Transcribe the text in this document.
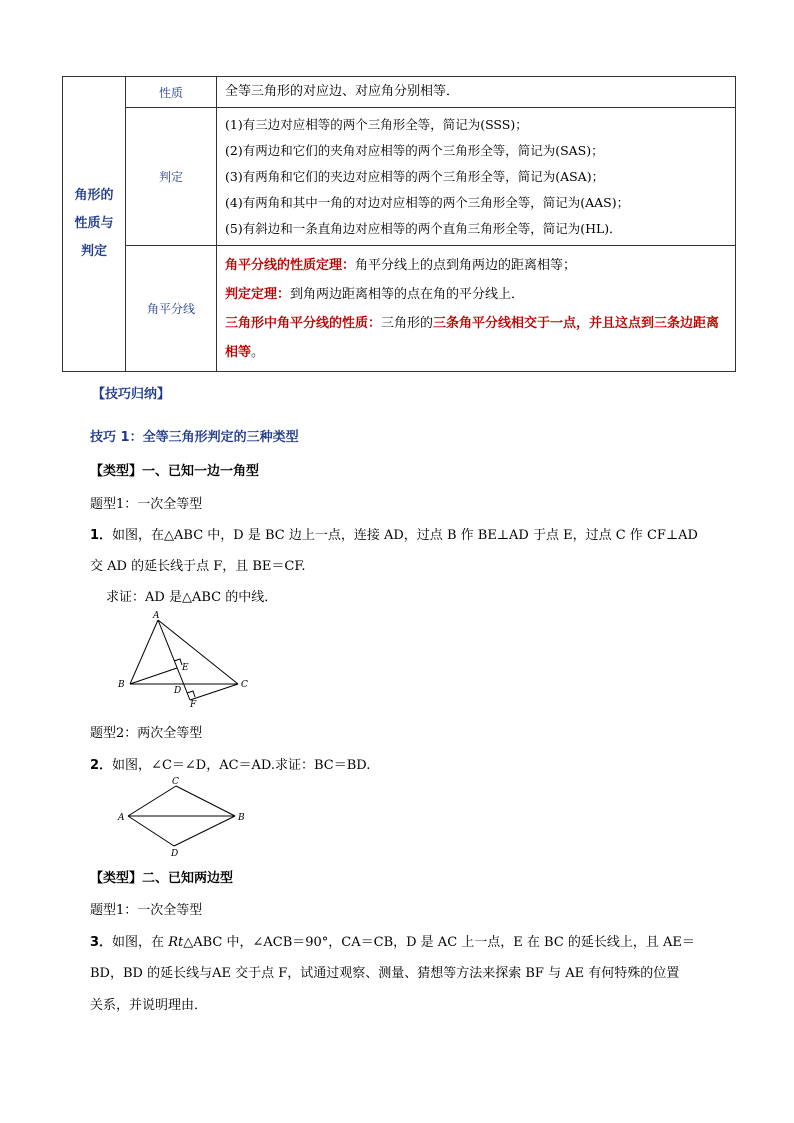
角形的性质与判定	性质	全等三角形的对应边、对应角分别相等．

	判定	(1)有三边对应相等的两个三角形全等，简记为(SSS)；
(2)有两边和它们的夹角对应相等的两个三角形全等，简记为(SAS)；
(3)有两角和它们的夹边对应相等的两个三角形全等，简记为(ASA)；
(4)有两角和其中一角的对边对应相等的两个三角形全等，简记为(AAS)；
(5)有斜边和一条直角边对应相等的两个直角三角形全等，简记为(HL)．

	角平分线	角平分线的性质定理：角平分线上的点到角两边的距离相等；
判定定理：到角两边距离相等的点在角的平分线上．
三角形中角平分线的性质：三角形的三条角平分线相交于一点，并且这点到三条边距离相等。
【技巧归纳】
技巧 1：全等三角形判定的三种类型
【类型】一、已知一边一角型
题型1：一次全等型
1．如图，在△ABC 中，D 是 BC 边上一点，连接 AD，过点 B 作 BE⊥AD 于点 E，过点 C 作 CF⊥AD
交 AD 的延长线于点 F，且 BE＝CF.
求证：AD 是△ABC 的中线．
A
B	C
D
E
F
题型2：两次全等型
2．如图，∠C＝∠D，AC＝AD.求证：BC＝BD.
A	B
C
D
【类型】二、已知两边型
题型1：一次全等型
3．如图，在 Rt△ABC 中，∠ACB＝90°，CA＝CB，D 是 AC 上一点，E 在 BC 的延长线上，且 AE＝
BD，BD 的延长线与AE 交于点 F，试通过观察、测量、猜想等方法来探索 BF 与 AE 有何特殊的位置
关系，并说明理由．
